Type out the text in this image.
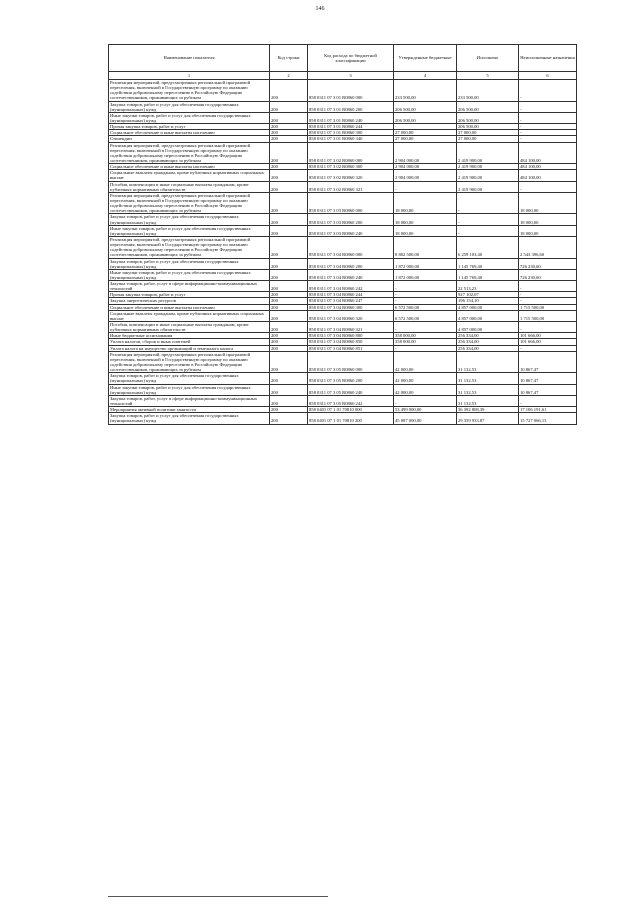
146
Наименование показателя	Код строки	Код расхода по бюджетной классификации	Утвержденные бюджетные	Исполнено	Неисполненные назначения
1	2	3	4	5	6
Реализация мероприятий, предусмотренных региональной программой переселения, включенной в Государственную программу по оказанию содействия добровольному переселению в Российскую Федерацию соотечественников, проживающих за рубежом	200	858 0311 07 3 01 R0860 000	233 500,00	233 500,00	-
Закупка товаров, работ и услуг для обеспечения государственных (муниципальных) нужд	200	858 0311 07 3 01 R0860 200	206 500,00	206 500,00	-
Иные закупки товаров, работ и услуг для обеспечения государственных (муниципальных) нужд	200	858 0311 07 3 01 R0860 240	206 500,00	206 500,00	-
Прочая закупка товаров, работ и услуг	200	858 0311 07 3 01 R0860 244	-	206 500,00	-
Социальное обеспечение и иные выплаты населению	200	858 0311 07 3 01 R0860 300	27 000,00	27 000,00	-
Стипендии	200	858 0311 07 3 01 R0860 340	27 000,00	27 000,00	-
Реализация мероприятий, предусмотренных региональной программой переселения, включенной в Государственную программу по оказанию содействия добровольному переселению в Российскую Федерацию соотечественников, проживающих за рубежом	200	858 0311 07 3 02 R0860 000	2 904 000,00	2 419 900,00	484 100,00
Социальное обеспечение и иные выплаты населению	200	858 0311 07 3 02 R0860 300	2 904 000,00	2 419 900,00	484 100,00
Социальные выплаты гражданам, кроме публичных нормативных социальных выплат	200	858 0311 07 3 02 R0860 320	2 904 000,00	2 419 900,00	484 100,00
Пособия, компенсации и иные социальные выплаты гражданам, кроме публичных нормативных обязательств	200	858 0311 07 3 02 R0860 321	-	2 419 900,00	-
Реализация мероприятий, предусмотренных региональной программой переселения, включенной в Государственную программу по оказанию содействия добровольному переселению в Российскую Федерацию соотечественников, проживающих за рубежом	200	858 0311 07 3 03 R0860 000	18 000,00	-	18 000,00
Закупка товаров, работ и услуг для обеспечения государственных (муниципальных) нужд	200	858 0311 07 3 03 R0860 200	18 000,00	-	18 000,00
Иные закупки товаров, работ и услуг для обеспечения государственных (муниципальных) нужд	200	858 0311 07 3 03 R0860 240	18 000,00	-	18 000,00
Реализация мероприятий, предусмотренных региональной программой переселения, включенной в Государственную программу по оказанию содействия добровольному переселению в Российскую Федерацию соотечественников, проживающих за рубежом	200	858 0311 07 3 04 R0860 000	8 802 500,00	6 259 103,40	2 543 396,60
Закупка товаров, работ и услуг для обеспечения государственных (муниципальных) нужд	200	858 0311 07 3 04 R0860 200	1 872 000,00	1 145 769,40	726 230,60
Иные закупки товаров, работ и услуг для обеспечения государственных (муниципальных) нужд	200	858 0311 07 3 04 R0860 240	1 872 000,00	1 145 769,40	726 230,60
Закупка товаров, работ, услуг в сфере информационно-коммуникационных технологий	200	858 0311 07 3 04 R0860 242	-	22 513,23	-
Прочая закупка товаров, работ и услуг	200	858 0311 07 3 04 R0860 244	-	927 102,07	-
Закупка энергетических ресурсов	200	858 0311 07 3 04 R0860 247	-	196 154,10	-
Социальное обеспечение и иные выплаты населению	200	858 0311 07 3 04 R0860 300	6 572 500,00	4 857 000,00	1 715 500,00
Социальные выплаты гражданам, кроме публичных нормативных социальных выплат	200	858 0311 07 3 04 R0860 320	6 572 500,00	4 857 000,00	1 715 500,00
Пособия, компенсации и иные социальные выплаты гражданам, кроме публичных нормативных обязательств	200	858 0311 07 3 04 R0860 321	-	4 857 000,00	-
Иные бюджетные ассигнования	200	858 0311 07 3 04 R0860 800	358 000,00	256 334,00	101 666,00
Уплата налогов, сборов и иных платежей	200	858 0311 07 3 04 R0860 850	358 000,00	256 334,00	101 666,00
Уплата налога на имущество организаций и земельного налога	200	858 0311 07 3 04 R0860 851	-	256 334,00	-
Реализация мероприятий, предусмотренных региональной программой переселения, включенной в Государственную программу по оказанию содействия добровольному переселению в Российскую Федерацию соотечественников, проживающих за рубежом	200	858 0311 07 3 05 R0860 000	42 000,00	31 132,53	10 867,47
Закупка товаров, работ и услуг для обеспечения государственных (муниципальных) нужд	200	858 0311 07 3 05 R0860 200	42 000,00	31 132,53	10 867,47
Иные закупки товаров, работ и услуг для обеспечения государственных (муниципальных) нужд	200	858 0311 07 3 05 R0860 240	42 000,00	31 132,53	10 867,47
Закупка товаров, работ, услуг в сфере информационно-коммуникационных технологий	200	858 0311 07 3 05 R0860 242	-	31 132,53	-
Мероприятия активной политики занятости	200	858 0401 07 1 01 70810 000	53 499 000,00	36 392 808,39	17 106 191,61
Закупка товаров, работ и услуг для обеспечения государственных (муниципальных) нужд	200	858 0401 07 1 01 70810 200	45 087 000,00	29 359 933,87	15 727 066,13
